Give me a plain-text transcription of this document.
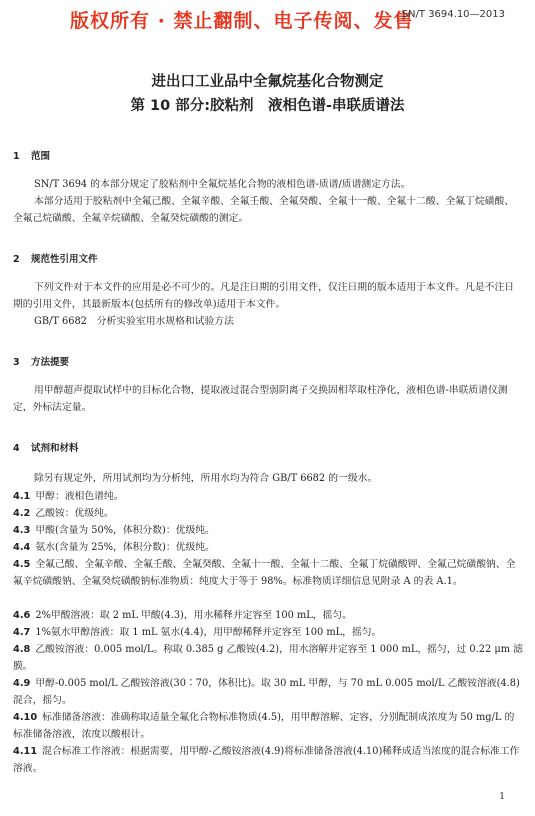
版权所有 · 禁止翻制、电子传阅、发售
SN/T 3694.10—2013
进出口工业品中全氟烷基化合物测定
第 10 部分:胶粘剂　液相色谱-串联质谱法
1 范围
SN/T 3694 的本部分规定了胶粘剂中全氟烷基化合物的液相色谱-质谱/质谱测定方法。
本部分适用于胶粘剂中全氟己酸、全氟辛酸、全氟壬酸、全氟癸酸、全氟十一酸、全氟十二酸、全氟丁烷磺酸、全氟己烷磺酸、全氟辛烷磺酸、全氟癸烷磺酸的测定。
2 规范性引用文件
下列文件对于本文件的应用是必不可少的。凡是注日期的引用文件，仅注日期的版本适用于本文件。凡是不注日期的引用文件，其最新版本(包括所有的修改单)适用于本文件。
GB/T 6682　分析实验室用水规格和试验方法
3 方法提要
用甲醇超声提取试样中的目标化合物，提取液过混合型弱阴离子交换固相萃取柱净化，液相色谱-串联质谱仪测定，外标法定量。
4 试剂和材料
除另有规定外，所用试剂均为分析纯，所用水均为符合 GB/T 6682 的一级水。
4.1 甲醇：液相色谱纯。
4.2 乙酸铵：优级纯。
4.3 甲酸(含量为 50%，体积分数)：优级纯。
4.4 氨水(含量为 25%，体积分数)：优级纯。
4.5 全氟己酸、全氟辛酸、全氟壬酸、全氟癸酸、全氟十一酸、全氟十二酸、全氟丁烷磺酸钾、全氟己烷磺酸钠、全氟辛烷磺酸钠、全氟癸烷磺酸钠标准物质：纯度大于等于 98%。标准物质详细信息见附录 A 的表 A.1。
4.6 2%甲酸溶液：取 2 mL 甲酸(4.3)，用水稀释并定容至 100 mL，摇匀。
4.7 1%氨水甲醇溶液：取 1 mL 氨水(4.4)，用甲醇稀释并定容至 100 mL，摇匀。
4.8 乙酸铵溶液：0.005 mol/L。称取 0.385 g 乙酸铵(4.2)，用水溶解并定容至 1 000 mL，摇匀，过 0.22 μm 滤膜。
4.9 甲醇-0.005 mol/L 乙酸铵溶液(30∶70，体积比)。取 30 mL 甲醇，与 70 mL 0.005 mol/L 乙酸铵溶液(4.8)混合，摇匀。
4.10 标准储备溶液：准确称取适量全氟化合物标准物质(4.5)，用甲醇溶解、定容，分别配制成浓度为 50 mg/L 的标准储备溶液，浓度以酸根计。
4.11 混合标准工作溶液：根据需要，用甲醇-乙酸铵溶液(4.9)将标准储备溶液(4.10)稀释成适当浓度的混合标准工作溶液。
1
